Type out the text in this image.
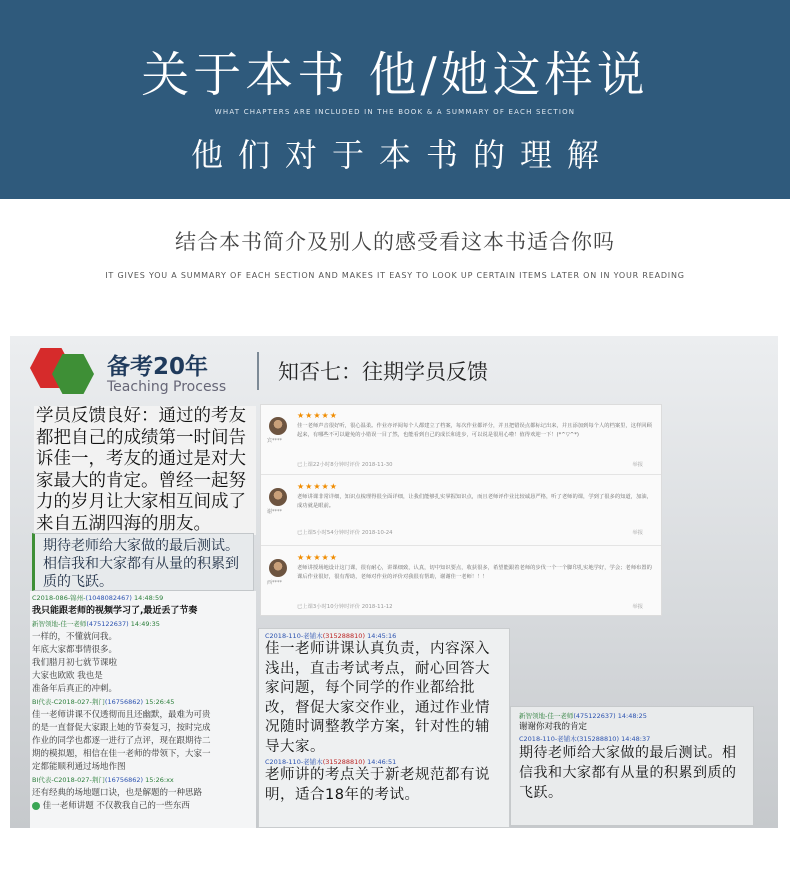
关于本书 他/她这样说
WHAT CHAPTERS ARE INCLUDED IN THE BOOK & A SUMMARY OF EACH SECTION
他们对于本书的理解
结合本书简介及别人的感受看这本书适合你吗
IT GIVES YOU A SUMMARY OF EACH SECTION AND MAKES IT EASY TO LOOK UP CERTAIN ITEMS LATER ON IN YOUR READING
备考20年
Teaching Process
知否七：往期学员反馈
学员反馈良好：通过的考友都把自己的成绩第一时间告诉佳一，考友的通过是对大家最大的肯定。曾经一起努力的岁月让大家相互间成了来自五湖四海的朋友。
期待老师给大家做的最后测试。相信我和大家都有从量的积累到质的飞跃。
C2018-086-锦州-(1048082467) 14:48:59
我只能跟老师的视频学习了,最近丢了节奏
新智领地-佳一老师(475122637) 14:49:35
一样的，不懂就问我。
年底大家都事情很多。
我们腊月初七就节课啦
大家也欧欧 我也是
准备年后真正的冲刺。
BI代表-C2018-027-荆门(16756862) 15:26:45
佳一老师讲课不仅透彻而且还幽默，最难为可贵
的是一直督促大家跟上她的节奏复习，按时完成
作业的同学也都逐一进行了点评，现在跟期待二
期的模拟题，相信在佳一老师的带领下，大家一
定都能顺利通过场地作图
BI代表-C2018-027-荆门(16756862) 15:26:xx
还有经典的场地题口诀，也是解题的一种思路
佳一老师讲题 不仅教我自己的一些东西
宾****
★★★★★
佳一老师声音很好听，很心温柔。作业亦评阅每个人都建立了档案，每次作业都评分，并且把错误点都标记出来，并且添加到每个人的档案里，这样回顾起来，有哪些不可以避免的小错误一目了然，也能看到自己的成长和进步，可以说是很用心啦！值得欢迎一下！(*^▽^*)
已上课22小时8分钟时评价 2018-11-30	举报
谢****
★★★★★
老师讲课非常详细，知识点梳理得很全面详细，让我们能够扎实掌握知识点，而且老师评作业比较诚恳严格，听了老师的课，学到了很多的知道，加油，成功就是眼前。
已上课5小时54分钟时评价 2018-10-24	举报
西****
★★★★★
老师讲授场地设计这门课，很有耐心，讲课细致，认真，切中知识要点，收获很多，希望能跟着老师的步伐一个一个脚印扎实地学好，学会；老师布置的课后作业很好，很有帮助，老师对作业的评价对我很有帮助，谢谢佳一老师！！！
已上课3小时10分钟时评价 2018-11-12	举报
C2018-110-老铺木(315288810) 14:45:16
佳一老师讲课认真负责，内容深入浅出，直击考试考点，耐心回答大家问题，每个同学的作业都给批改，督促大家交作业，通过作业情况随时调整教学方案，针对性的辅导大家。
C2018-110-老铺木(315288810) 14:46:51
老师讲的考点关于新老规范都有说明，适合18年的考试。
新智领地-佳一老师(475122637) 14:48:25
谢谢你对我的肯定
C2018-110-老铺木(315288810) 14:48:37
期待老师给大家做的最后测试。相信我和大家都有从量的积累到质的飞跃。
